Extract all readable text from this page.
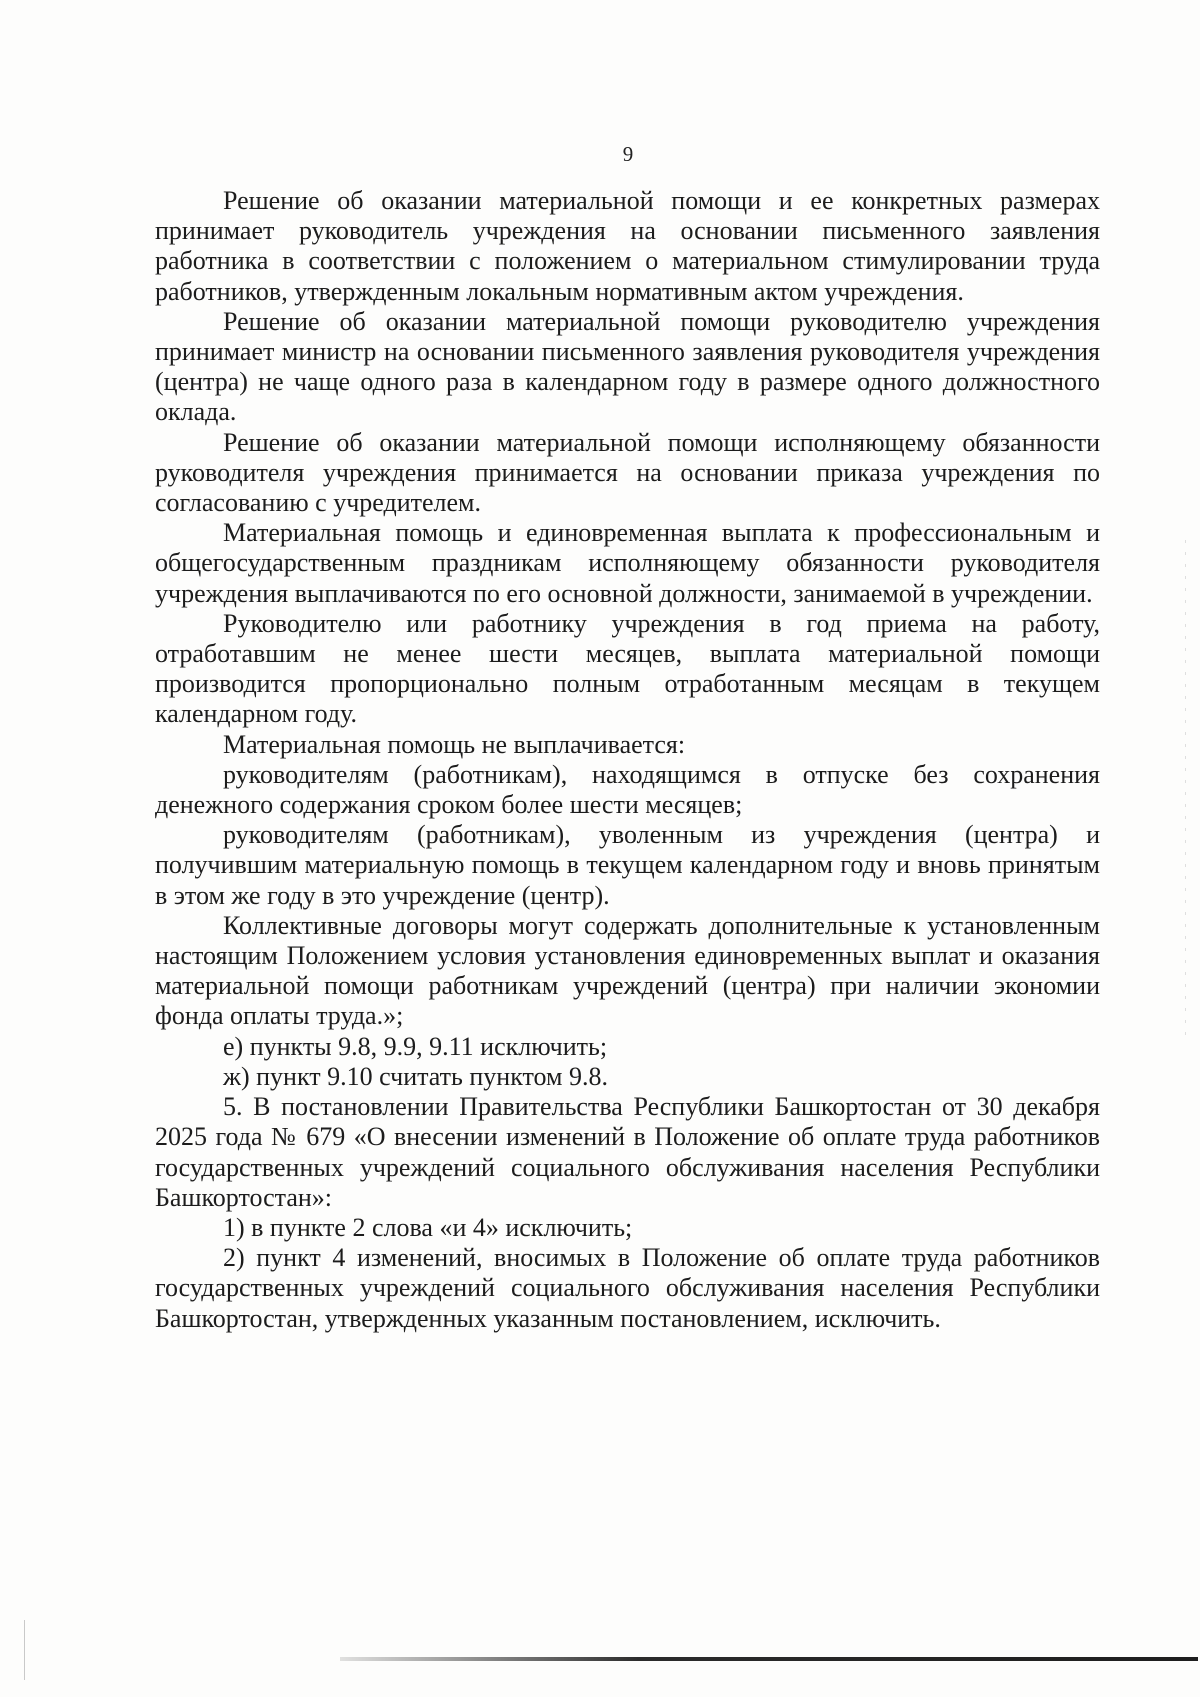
9

Решение об оказании материальной помощи и ее конкретных размерах принимает руководитель учреждения на основании письменного заявления работника в соответствии с положением о материальном стимулировании труда работников, утвержденным локальным нормативным актом учреждения.

Решение об оказании материальной помощи руководителю учреждения принимает министр на основании письменного заявления руководителя учреждения (центра) не чаще одного раза в календарном году в размере одного должностного оклада.

Решение об оказании материальной помощи исполняющему обязанности руководителя учреждения принимается на основании приказа учреждения по согласованию с учредителем.

Материальная помощь и единовременная выплата к профессиональным и общегосударственным праздникам исполняющему обязанности руководителя учреждения выплачиваются по его основной должности, занимаемой в учреждении.

Руководителю или работнику учреждения в год приема на работу, отработавшим не менее шести месяцев, выплата материальной помощи производится пропорционально полным отработанным месяцам в текущем календарном году.

Материальная помощь не выплачивается:

руководителям (работникам), находящимся в отпуске без сохранения денежного содержания сроком более шести месяцев;

руководителям (работникам), уволенным из учреждения (центра) и получившим материальную помощь в текущем календарном году и вновь принятым в этом же году в это учреждение (центр).

Коллективные договоры могут содержать дополнительные к установленным настоящим Положением условия установления единовременных выплат и оказания материальной помощи работникам учреждений (центра) при наличии экономии фонда оплаты труда.»;

е) пункты 9.8, 9.9, 9.11 исключить;

ж) пункт 9.10 считать пунктом 9.8.

5. В постановлении Правительства Республики Башкортостан от 30 декабря 2025 года № 679 «О внесении изменений в Положение об оплате труда работников государственных учреждений социального обслуживания населения Республики Башкортостан»:

1) в пункте 2 слова «и 4» исключить;

2) пункт 4 изменений, вносимых в Положение об оплате труда работников государственных учреждений социального обслуживания населения Республики Башкортостан, утвержденных указанным постановлением, исключить.
